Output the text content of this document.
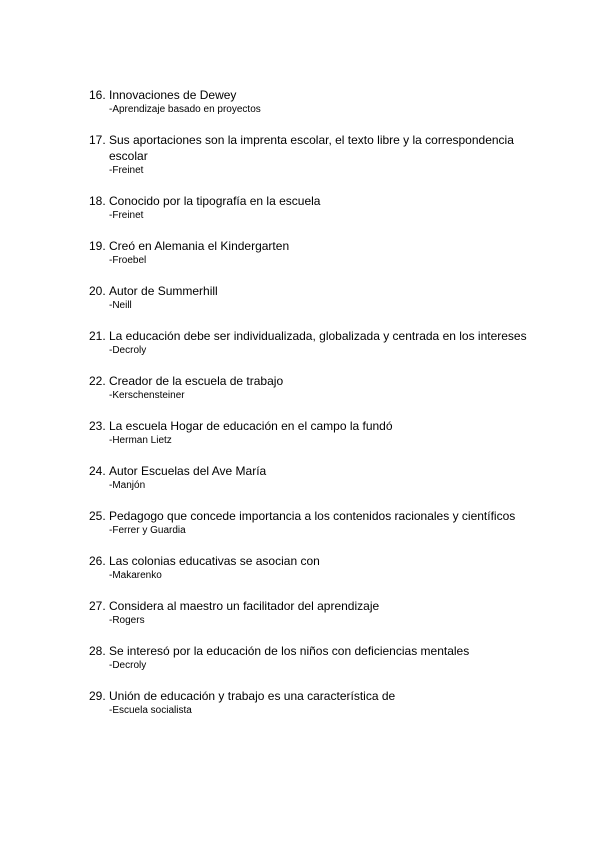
16. Innovaciones de Dewey
-Aprendizaje basado en proyectos
17. Sus aportaciones son la imprenta escolar, el texto libre y la correspondencia escolar
-Freinet
18. Conocido por la tipografía en la escuela
-Freinet
19. Creó en Alemania el Kindergarten
-Froebel
20. Autor de Summerhill
-Neill
21. La educación debe ser individualizada, globalizada y centrada en los intereses
-Decroly
22. Creador de la escuela de trabajo
-Kerschensteiner
23. La escuela Hogar de educación en el campo la fundó
-Herman Lietz
24. Autor Escuelas del Ave María
-Manjón
25. Pedagogo que concede importancia a los contenidos racionales y científicos
-Ferrer y Guardia
26. Las colonias educativas se asocian con
-Makarenko
27. Considera al maestro un facilitador del aprendizaje
-Rogers
28. Se interesó por la educación de los niños con deficiencias mentales
-Decroly
29. Unión de educación y trabajo es una característica de
-Escuela socialista
